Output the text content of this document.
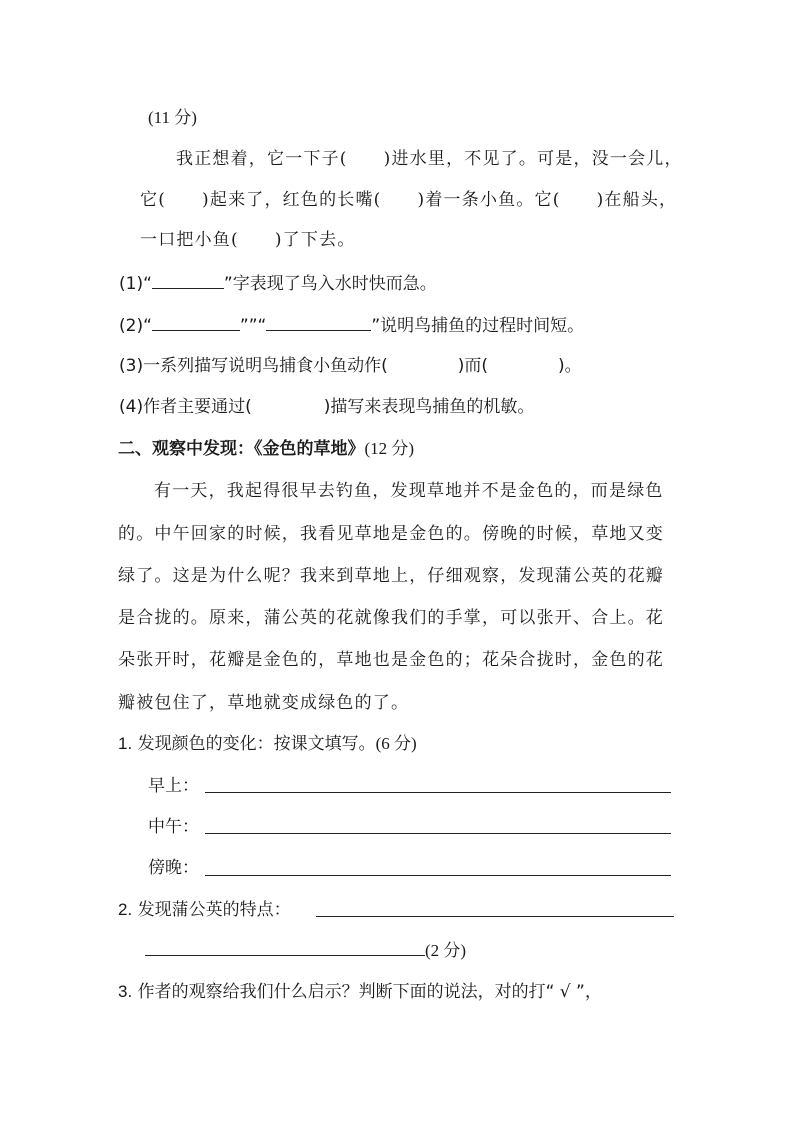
(11 分)
我正想着，它一下子( )进水里，不见了。可是，没一会儿，
它( )起来了，红色的长嘴( )着一条小鱼。它( )在船头，
一口把小鱼( )了下去。
(1)“	”字表现了鸟入水时快而急。
(2)“	””“	”说明鸟捕鱼的过程时间短。
(3)一系列描写说明鸟捕食小鱼动作(	)而(	)。
(4)作者主要通过(	)描写来表现鸟捕鱼的机敏。
二、观察中发现：《金色的草地》(12 分)
有一天，我起得很早去钓鱼，发现草地并不是金色的，而是绿色
的。中午回家的时候，我看见草地是金色的。傍晚的时候，草地又变
绿了。这是为什么呢？我来到草地上，仔细观察，发现蒲公英的花瓣
是合拢的。原来，蒲公英的花就像我们的手掌，可以张开、合上。花
朵张开时，花瓣是金色的，草地也是金色的；花朵合拢时，金色的花
瓣被包住了，草地就变成绿色的了。
1. 发现颜色的变化：按课文填写。(6 分)
早上：
中午：
傍晚：
2. 发现蒲公英的特点：
(2 分)
3. 作者的观察给我们什么启示？判断下面的说法，对的打“ √ ”，
